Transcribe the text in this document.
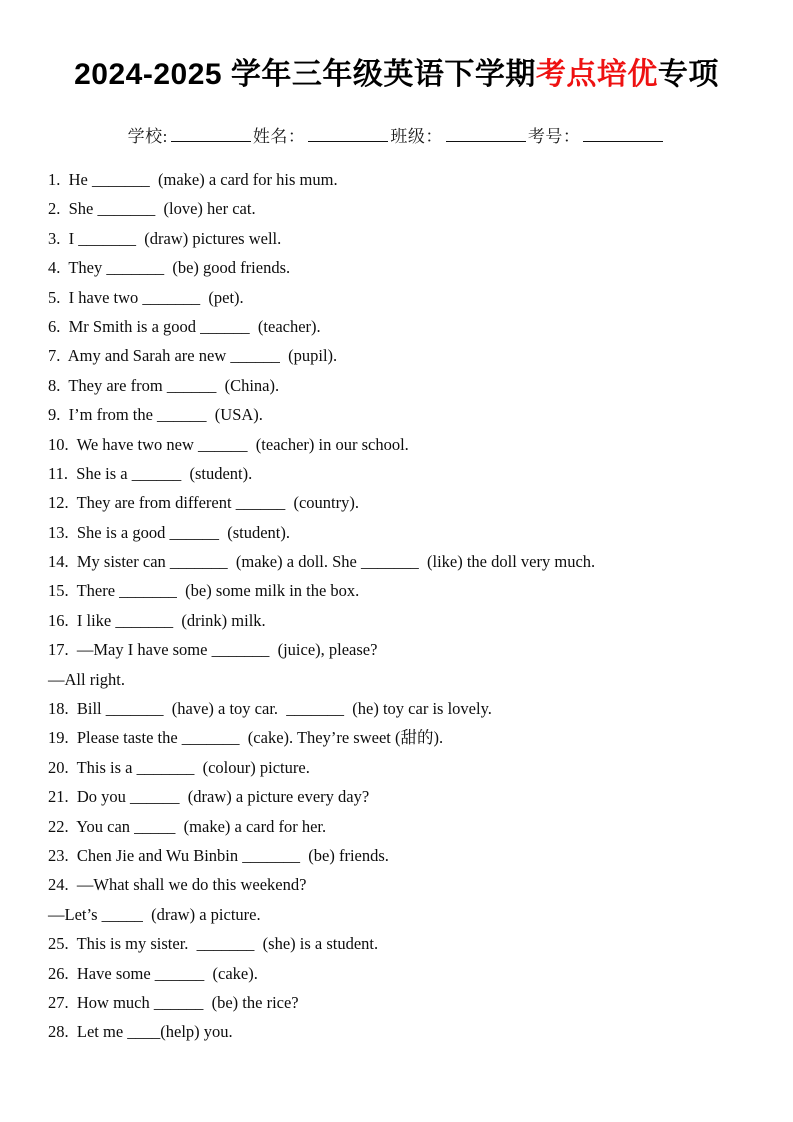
2024-2025 学年三年级英语下学期考点培优专项
学校:	姓名：	班级：	考号：
1.  He _______  (make) a card for his mum.
2.  She _______  (love) her cat.
3.  I _______  (draw) pictures well.
4.  They _______  (be) good friends.
5.  I have two _______  (pet).
6.  Mr Smith is a good ______  (teacher).
7.  Amy and Sarah are new ______  (pupil).
8.  They are from ______  (China).
9.  I’m from the ______  (USA).
10.  We have two new ______  (teacher) in our school.
11.  She is a ______  (student).
12.  They are from different ______  (country).
13.  She is a good ______  (student).
14.  My sister can _______  (make) a doll. She _______  (like) the doll very much.
15.  There _______  (be) some milk in the box.
16.  I like _______  (drink) milk.
17.  —May I have some _______  (juice), please?
—All right.
18.  Bill _______  (have) a toy car.  _______  (he) toy car is lovely.
19.  Please taste the _______  (cake). They’re sweet (甜的).
20.  This is a _______  (colour) picture.
21.  Do you ______  (draw) a picture every day?
22.  You can _____  (make) a card for her.
23.  Chen Jie and Wu Binbin _______  (be) friends.
24.  —What shall we do this weekend?
—Let’s _____  (draw) a picture.
25.  This is my sister.  _______  (she) is a student.
26.  Have some ______  (cake).
27.  How much ______  (be) the rice?
28.  Let me ____(help) you.
